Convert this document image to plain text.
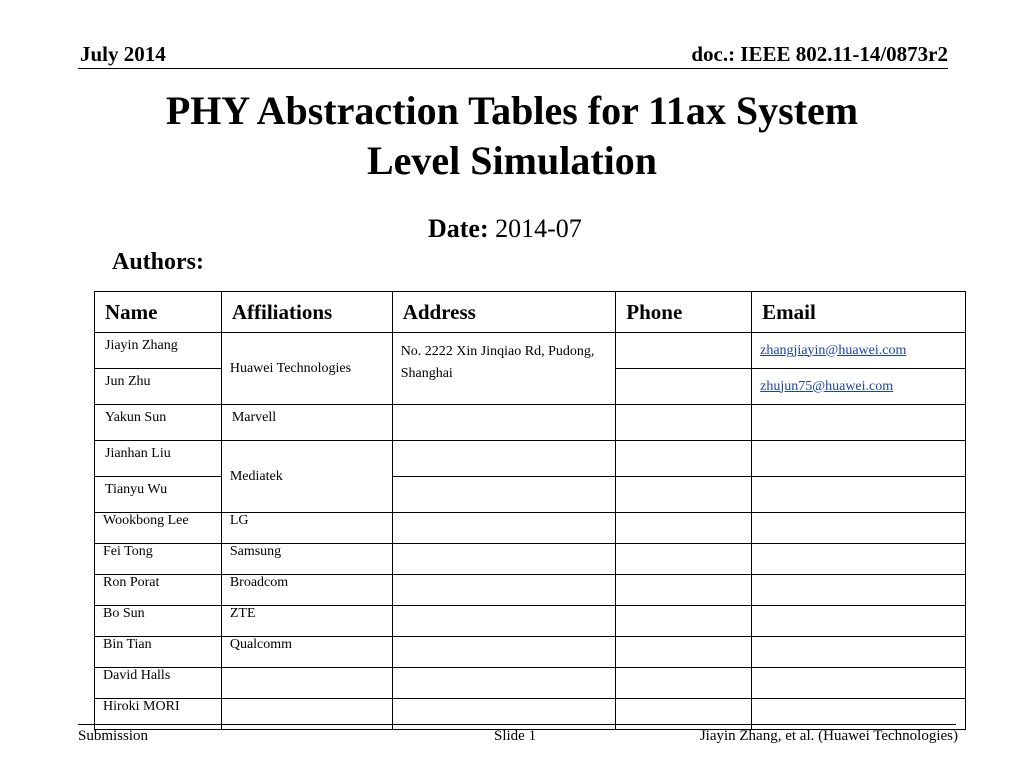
July 2014	doc.: IEEE 802.11-14/0873r2
PHY Abstraction Tables for 11ax System
Level Simulation
Date: 2014-07
Authors:
Name	Affiliations	Address	Phone	Email
Jiayin Zhang	Huawei Technologies	No. 2222 Xin Jinqiao Rd, Pudong, Shanghai		zhangjiayin@huawei.com
Jun Zhu				zhujun75@huawei.com
Yakun Sun	Marvell			
Jianhan Liu	Mediatek			
Tianyu Wu				
Wookbong Lee	LG			
Fei Tong	Samsung			
Ron Porat	Broadcom			
Bo Sun	ZTE			
Bin Tian	Qualcomm			
David Halls				
Hiroki MORI				
Submission	Slide 1	Jiayin Zhang, et al. (Huawei Technologies)
